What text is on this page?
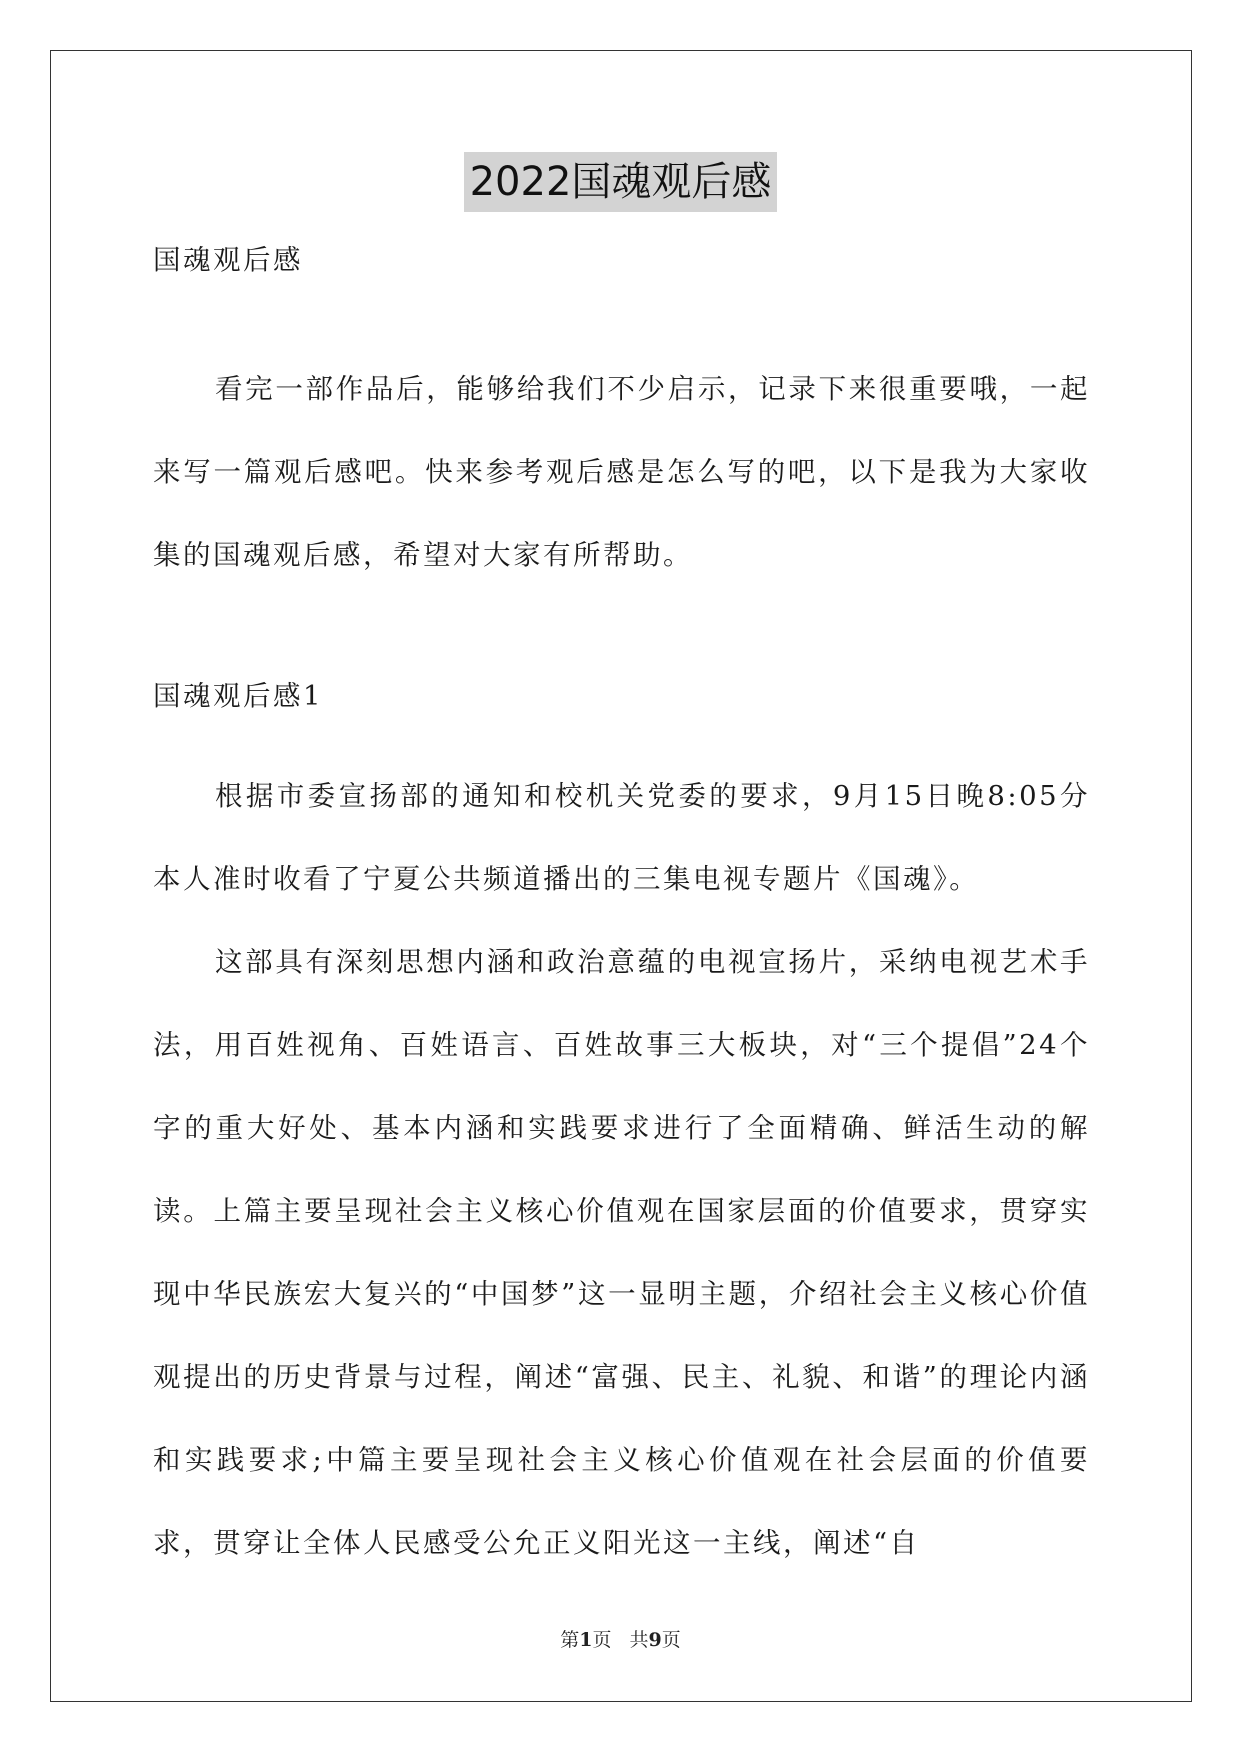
2022国魂观后感

国魂观后感

看完一部作品后，能够给我们不少启示，记录下来很重要哦，一起来写一篇观后感吧。快来参考观后感是怎么写的吧，以下是我为大家收集的国魂观后感，希望对大家有所帮助。

国魂观后感1

根据市委宣扬部的通知和校机关党委的要求，9月15日晚8:05分本人准时收看了宁夏公共频道播出的三集电视专题片《国魂》。

这部具有深刻思想内涵和政治意蕴的电视宣扬片，采纳电视艺术手法，用百姓视角、百姓语言、百姓故事三大板块，对“三个提倡”24个字的重大好处、基本内涵和实践要求进行了全面精确、鲜活生动的解读。上篇主要呈现社会主义核心价值观在国家层面的价值要求，贯穿实现中华民族宏大复兴的“中国梦”这一显明主题，介绍社会主义核心价值观提出的历史背景与过程，阐述“富强、民主、礼貌、和谐”的理论内涵和实践要求;中篇主要呈现社会主义核心价值观在社会层面的价值要求，贯穿让全体人民感受公允正义阳光这一主线，阐述“自

第1页 共9页
